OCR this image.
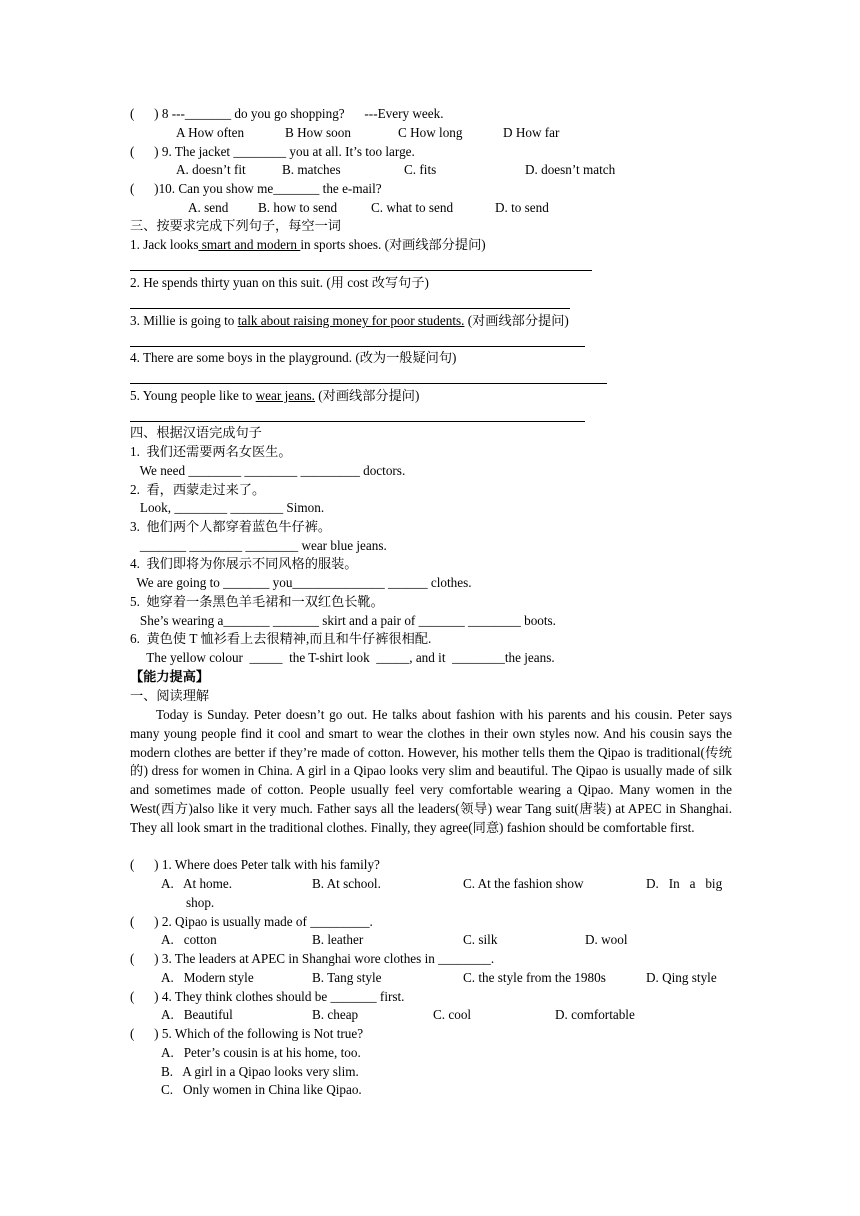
(      ) 8 ---_______ do you go shopping?      ---Every week.
A How often	B How soon	C How long	D How far
(      ) 9. The jacket ________ you at all. It’s too large.
A. doesn’t fit	B. matches	C. fits	D. doesn’t match
(      )10. Can you show me_______ the e-mail?
A. send B. how to send	C. what to send	D. to send
三、按要求完成下列句子，每空一词
1. Jack looks smart and modern in sports shoes. (对画线部分提问)
2. He spends thirty yuan on this suit. (用 cost 改写句子)
3. Millie is going to talk about raising money for poor students. (对画线部分提问)
4. There are some boys in the playground. (改为一般疑问句)
5. Young people like to wear jeans. (对画线部分提问)
四、根据汉语完成句子
1.  我们还需要两名女医生。
We need ________ ________ _________ doctors.
2.  看，西蒙走过来了。
Look, ________ ________ Simon.
3.  他们两个人都穿着蓝色牛仔裤。
_______ ________ ________ wear blue jeans.
4.  我们即将为你展示不同风格的服装。
We are going to _______ you______________ ______ clothes.
5.  她穿着一条黑色羊毛裙和一双红色长靴。
She’s wearing a_______ _______ skirt and a pair of _______ ________ boots.
6.  黄色使 T 恤衫看上去很精神,而且和牛仔裤很相配.
The yellow colour  _____  the T-shirt look  _____, and it  ________the jeans.
【能力提高】
一、阅读理解
Today is Sunday. Peter doesn’t go out. He talks about fashion with his parents and his cousin. Peter says many young people find it cool and smart to wear the clothes in their own styles now. And his cousin says the modern clothes are better if they’re made of cotton. However, his mother tells them the Qipao is traditional(传统的) dress for women in China. A girl in a Qipao looks very slim and beautiful. The Qipao is usually made of silk and sometimes made of cotton. People usually feel very comfortable wearing a Qipao. Many women in the West(西方)also like it very much. Father says all the leaders(领导) wear Tang suit(唐装) at APEC in Shanghai. They all look smart in the traditional clothes. Finally, they agree(同意) fashion should be comfortable first.
(      ) 1. Where does Peter talk with his family?
A.   At home.	B. At school.	C. At the fashion show	D.   In   a   big
shop.
(      ) 2. Qipao is usually made of _________.
A.   cotton	B. leather	C. silk	D. wool
(      ) 3. The leaders at APEC in Shanghai wore clothes in ________.
A.   Modern style	B. Tang style	C. the style from the 1980s	D. Qing style
(      ) 4. They think clothes should be _______ first.
A.   Beautiful	B. cheap	C. cool	D. comfortable
(      ) 5. Which of the following is Not true?
A.   Peter’s cousin is at his home, too.
B.   A girl in a Qipao looks very slim.
C.   Only women in China like Qipao.
